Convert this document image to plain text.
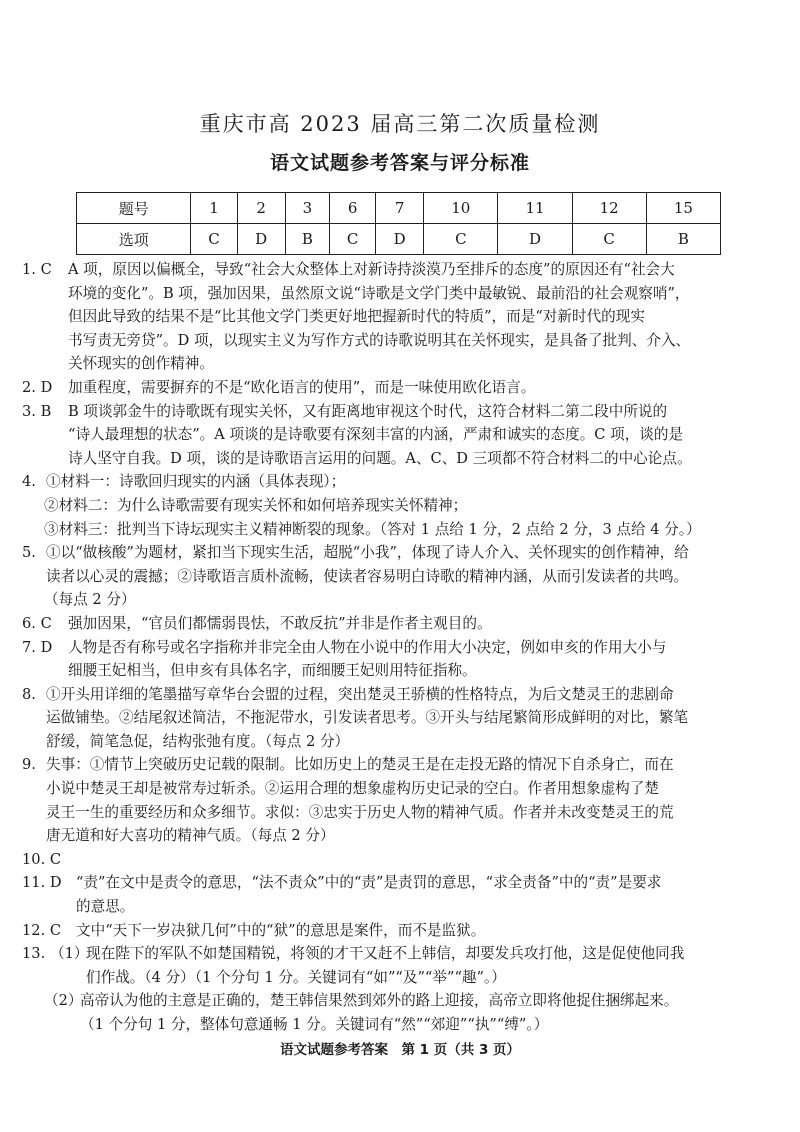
重庆市高 2023 届高三第二次质量检测
语文试题参考答案与评分标准
题号	1	2	3	6	7	10	11	12	15
选项	C	D	B	C	D	C	D	C	B
1. C	A 项，原因以偏概全，导致“社会大众整体上对新诗持淡漠乃至排斥的态度”的原因还有“社会大
环境的变化”。B 项，强加因果，虽然原文说“诗歌是文学门类中最敏锐、最前沿的社会观察哨”，
但因此导致的结果不是“比其他文学门类更好地把握新时代的特质”，而是“对新时代的现实
书写责无旁贷”。D 项，以现实主义为写作方式的诗歌说明其在关怀现实，是具备了批判、介入、
关怀现实的创作精神。
2. D	加重程度，需要摒弃的不是“欧化语言的使用”，而是一味使用欧化语言。
3. B	B 项谈郭金牛的诗歌既有现实关怀，又有距离地审视这个时代，这符合材料二第二段中所说的
“诗人最理想的状态”。A 项谈的是诗歌要有深刻丰富的内涵，严肃和诚实的态度。C 项，谈的是
诗人坚守自我。D 项，谈的是诗歌语言运用的问题。A、C、D 三项都不符合材料二的中心论点。
4. ①材料一：诗歌回归现实的内涵（具体表现）；
②材料二：为什么诗歌需要有现实关怀和如何培养现实关怀精神；
③材料三：批判当下诗坛现实主义精神断裂的现象。（答对 1 点给 1 分，2 点给 2 分，3 点给 4 分。）
5. ①以“做核酸”为题材，紧扣当下现实生活，超脱“小我”，体现了诗人介入、关怀现实的创作精神，给
读者以心灵的震撼；②诗歌语言质朴流畅，使读者容易明白诗歌的精神内涵，从而引发读者的共鸣。
（每点 2 分）
6. C	强加因果，“官员们都懦弱畏怯，不敢反抗”并非是作者主观目的。
7. D	人物是否有称号或名字指称并非完全由人物在小说中的作用大小决定，例如申亥的作用大小与
细腰王妃相当，但申亥有具体名字，而细腰王妃则用特征指称。
8. ①开头用详细的笔墨描写章华台会盟的过程，突出楚灵王骄横的性格特点，为后文楚灵王的悲剧命
运做铺垫。②结尾叙述简洁，不拖泥带水，引发读者思考。③开头与结尾繁简形成鲜明的对比，繁笔
舒缓，简笔急促，结构张弛有度。（每点 2 分）
9. 失事：①情节上突破历史记载的限制。比如历史上的楚灵王是在走投无路的情况下自杀身亡，而在
小说中楚灵王却是被常寿过斩杀。②运用合理的想象虚构历史记录的空白。作者用想象虚构了楚
灵王一生的重要经历和众多细节。求似：③忠实于历史人物的精神气质。作者并未改变楚灵王的荒
唐无道和好大喜功的精神气质。（每点 2 分）
10. C
11. D “责”在文中是责令的意思，“法不责众”中的“责”是责罚的意思，“求全责备”中的“责”是要求
的意思。
12. C	文中“天下一岁决狱几何”中的“狱”的意思是案件，而不是监狱。
13. （1）
现在陛下的军队不如楚国精锐，将领的才干又赶不上韩信，却要发兵攻打他，这是促使他同我
们作战。（4 分）（1 个分句 1 分。关键词有“如”“及”“举”“趣”。）
（2）
高帝认为他的主意是正确的，楚王韩信果然到郊外的路上迎接，高帝立即将他捉住捆绑起来。
（1 个分句 1 分，整体句意通畅 1 分。关键词有“然”“郊迎”“执”“缚”。）
语文试题参考答案　第 1 页（共 3 页）
